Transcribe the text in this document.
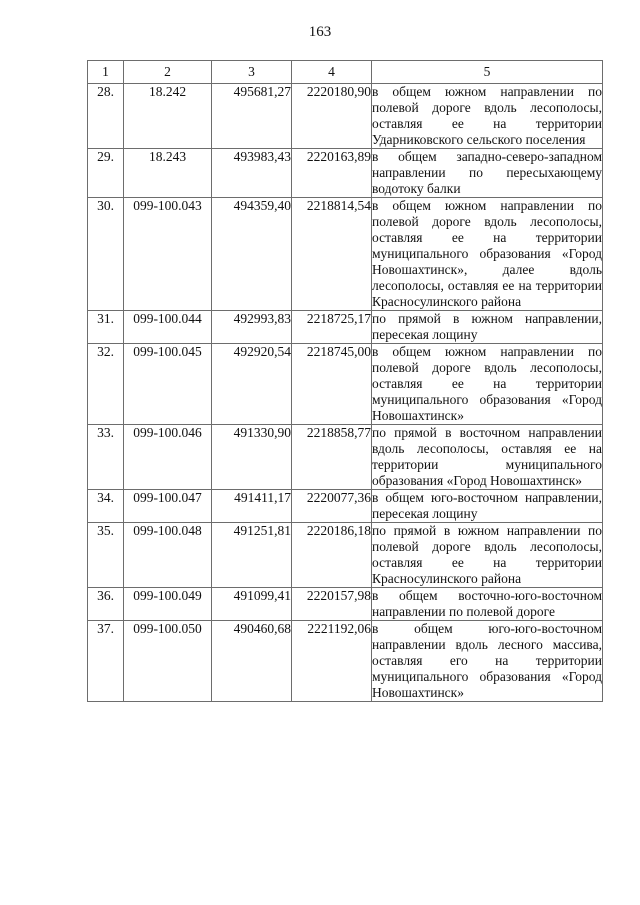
163
1	2	3	4	5
28.	18.242	495681,27	2220180,90	в общем южном направлении по полевой дороге вдоль лесополосы, оставляя ее на территории Ударниковского сельского поселения
29.	18.243	493983,43	2220163,89	в общем западно-северо-западном направлении по пересыхающему водотоку балки
30.	099-100.043	494359,40	2218814,54	в общем южном направлении по полевой дороге вдоль лесополосы, оставляя ее на территории муниципального образования «Город Новошахтинск», далее вдоль лесополосы, оставляя ее на территории Красносулинского района
31.	099-100.044	492993,83	2218725,17	по прямой в южном направлении, пересекая лощину
32.	099-100.045	492920,54	2218745,00	в общем южном направлении по полевой дороге вдоль лесополосы, оставляя ее на территории муниципального образования «Город Новошахтинск»
33.	099-100.046	491330,90	2218858,77	по прямой в восточном направлении вдоль лесополосы, оставляя ее на территории муниципального образования «Город Новошахтинск»
34.	099-100.047	491411,17	2220077,36	в общем юго-восточном направлении, пересекая лощину
35.	099-100.048	491251,81	2220186,18	по прямой в южном направлении по полевой дороге вдоль лесополосы, оставляя ее на территории Красносулинского района
36.	099-100.049	491099,41	2220157,98	в общем восточно-юго-восточном направлении по полевой дороге
37.	099-100.050	490460,68	2221192,06	в общем юго-юго-восточном направлении вдоль лесного массива, оставляя его на территории муниципального образования «Город Новошахтинск»
